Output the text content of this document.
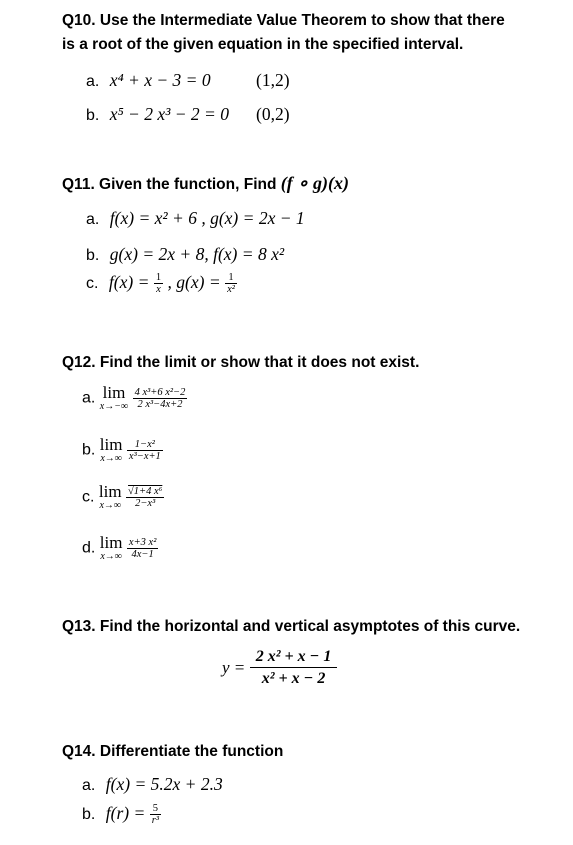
Q10. Use the Intermediate Value Theorem to show that there
is a root of the given equation in the specified interval.
a. x⁴ + x − 3 = 0	(1,2)
b. x⁵ − 2 x³ − 2 = 0 (0,2)
Q11. Given the function, Find (f ∘ g)(x)
a. f(x) = x² + 6 , g(x) = 2x − 1
b. g(x) = 2x + 8, f(x) = 8 x²
c. $f(x) = \frac{1}{x}$ , $g(x) = \frac{1}{\text{x²}}$
Q12. Find the limit or show that it does not exist.
a. lim
x→−∞
$\frac{\text{4 x³+6 x²−2}}{\text{2 x³−4x+2}}$
b. lim
x→∞
$\frac{\text{1−x²}}{\text{x³−x+1}}$
c. lim
x→∞
$\frac{\text{√1+4 x⁶}}{\text{2−x³}}$
d. lim
x→∞
$\frac{\text{x+3 x²}}{4x-1}$
Q13. Find the horizontal and vertical asymptotes of this curve.
$y = \frac{\text{2 x² + x − 1}}{\text{x² + x − 2}}$
Q14. Differentiate the function
a. f(x) = 5.2x + 2.3
b. $f(r) = \frac{5}{\text{r³}}$
